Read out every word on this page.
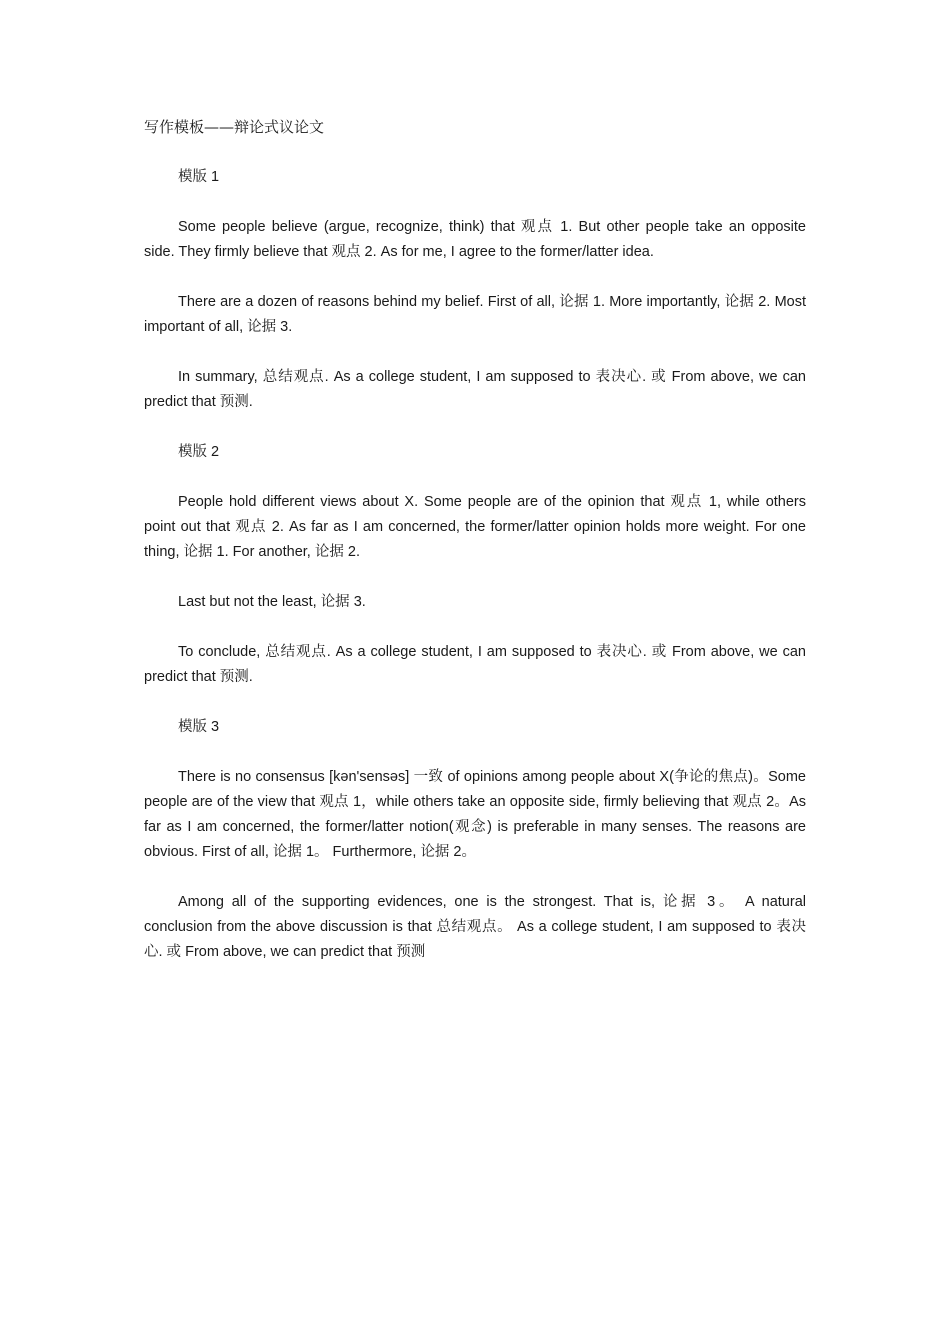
写作模板——辩论式议论文
模版 1

Some people believe (argue, recognize, think) that 观点 1. But other people take an opposite side. They firmly believe that 观点 2. As for me, I agree to the former/latter idea.

There are a dozen of reasons behind my belief. First of all, 论据 1. More importantly, 论据 2. Most important of all, 论据 3.

In summary, 总结观点. As a college student, I am supposed to 表决心. 或 From above, we can predict that 预测.

模版 2

People hold different views about X. Some people are of the opinion that 观点 1, while others point out that 观点 2. As far as I am concerned, the former/latter opinion holds more weight. For one thing, 论据 1. For another, 论据 2.

Last but not the least, 论据 3.

To conclude, 总结观点. As a college student, I am supposed to 表决心. 或 From above, we can predict that 预测.

模版 3

There is no consensus [kən'sensəs] 一致 of opinions among people about X(争论的焦点)。Some people are of the view that 观点 1，while others take an opposite side, firmly believing that 观点 2。As far as I am concerned, the former/latter notion(观念) is preferable in many senses. The reasons are obvious. First of all, 论据 1。 Furthermore, 论据 2。

Among all of the supporting evidences, one is the strongest. That is, 论据 3。 A natural conclusion from the above discussion is that 总结观点。 As a college student, I am supposed to 表决心. 或 From above, we can predict that 预测
